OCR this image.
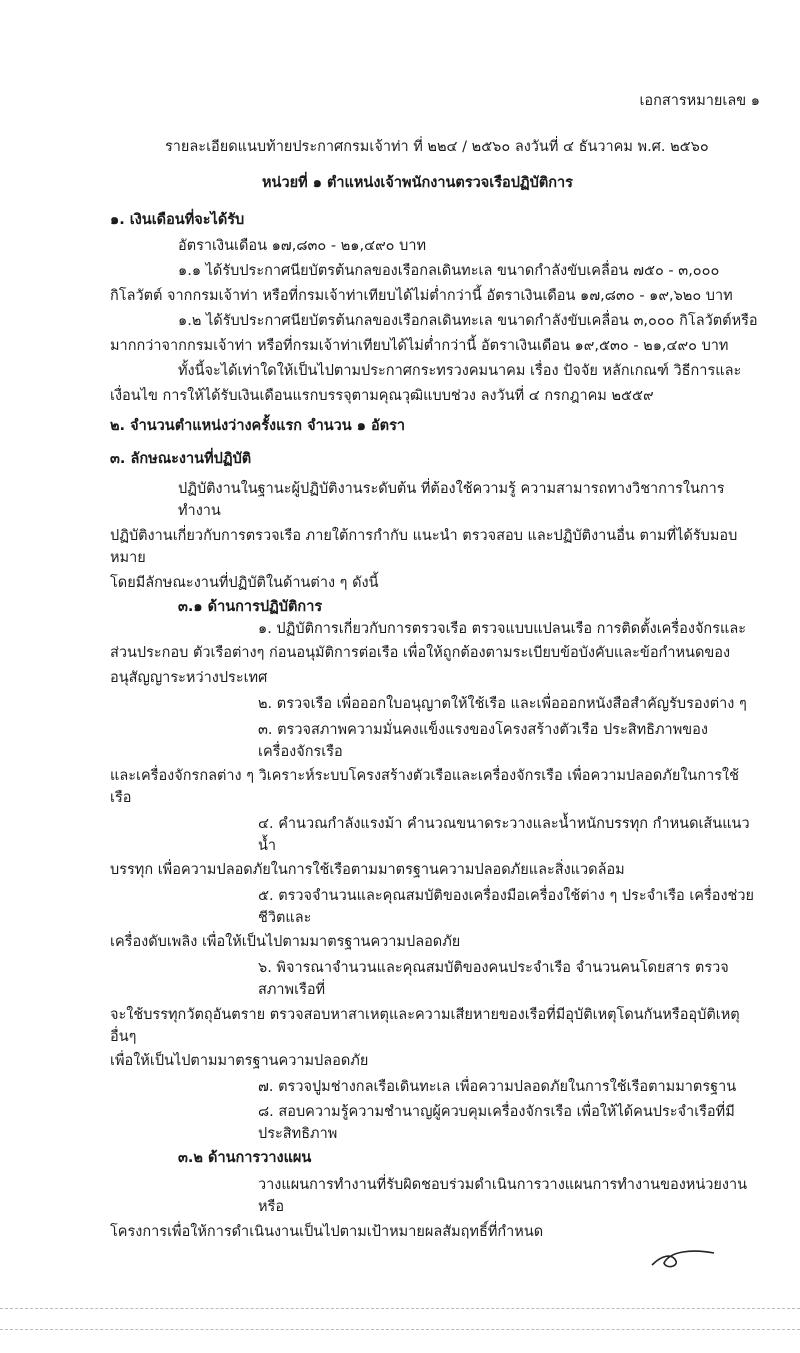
เอกสารหมายเลข ๑
รายละเอียดแนบท้ายประกาศกรมเจ้าท่า ที่ ๒๒๔ / ๒๕๖๐ ลงวันที่ ๔ ธันวาคม พ.ศ. ๒๕๖๐
หน่วยที่ ๑ ตำแหน่งเจ้าพนักงานตรวจเรือปฏิบัติการ
๑. เงินเดือนที่จะได้รับ
อัตราเงินเดือน ๑๗,๘๓๐ - ๒๑,๔๙๐ บาท
๑.๑ ได้รับประกาศนียบัตรต้นกลของเรือกลเดินทะเล ขนาดกำลังขับเคลื่อน ๗๕๐ - ๓,๐๐๐
กิโลวัตต์ จากกรมเจ้าท่า หรือที่กรมเจ้าท่าเทียบได้ไม่ต่ำกว่านี้ อัตราเงินเดือน ๑๗,๘๓๐ - ๑๙,๖๒๐ บาท
๑.๒ ได้รับประกาศนียบัตรต้นกลของเรือกลเดินทะเล ขนาดกำลังขับเคลื่อน ๓,๐๐๐ กิโลวัตต์หรือ
มากกว่าจากกรมเจ้าท่า หรือที่กรมเจ้าท่าเทียบได้ไม่ต่ำกว่านี้ อัตราเงินเดือน ๑๙,๕๓๐ - ๒๑,๔๙๐ บาท
ทั้งนี้จะได้เท่าใดให้เป็นไปตามประกาศกระทรวงคมนาคม เรื่อง ปัจจัย หลักเกณฑ์ วิธีการและ
เงื่อนไข การให้ได้รับเงินเดือนแรกบรรจุตามคุณวุฒิแบบช่วง ลงวันที่ ๔ กรกฎาคม ๒๕๕๙
๒. จำนวนตำแหน่งว่างครั้งแรก จำนวน ๑ อัตรา
๓. ลักษณะงานที่ปฏิบัติ
ปฏิบัติงานในฐานะผู้ปฏิบัติงานระดับต้น ที่ต้องใช้ความรู้ ความสามารถทางวิชาการในการทำงาน
ปฏิบัติงานเกี่ยวกับการตรวจเรือ ภายใต้การกำกับ แนะนำ ตรวจสอบ และปฏิบัติงานอื่น ตามที่ได้รับมอบหมาย
โดยมีลักษณะงานที่ปฏิบัติในด้านต่าง ๆ ดังนี้
๓.๑ ด้านการปฏิบัติการ
๑. ปฏิบัติการเกี่ยวกับการตรวจเรือ ตรวจแบบแปลนเรือ การติดตั้งเครื่องจักรและ
ส่วนประกอบ ตัวเรือต่างๆ ก่อนอนุมัติการต่อเรือ เพื่อให้ถูกต้องตามระเบียบข้อบังคับและข้อกำหนดของ
อนุสัญญาระหว่างประเทศ
๒. ตรวจเรือ เพื่อออกใบอนุญาตให้ใช้เรือ และเพื่อออกหนังสือสำคัญรับรองต่าง ๆ
๓. ตรวจสภาพความมั่นคงแข็งแรงของโครงสร้างตัวเรือ ประสิทธิภาพของเครื่องจักรเรือ
และเครื่องจักรกลต่าง ๆ วิเคราะห์ระบบโครงสร้างตัวเรือและเครื่องจักรเรือ เพื่อความปลอดภัยในการใช้เรือ
๔. คำนวณกำลังแรงม้า คำนวณขนาดระวางและน้ำหนักบรรทุก กำหนดเส้นแนวน้ำ
บรรทุก เพื่อความปลอดภัยในการใช้เรือตามมาตรฐานความปลอดภัยและสิ่งแวดล้อม
๕. ตรวจจำนวนและคุณสมบัติของเครื่องมือเครื่องใช้ต่าง ๆ ประจำเรือ เครื่องช่วยชีวิตและ
เครื่องดับเพลิง เพื่อให้เป็นไปตามมาตรฐานความปลอดภัย
๖. พิจารณาจำนวนและคุณสมบัติของคนประจำเรือ จำนวนคนโดยสาร ตรวจสภาพเรือที่
จะใช้บรรทุกวัตถุอันตราย ตรวจสอบหาสาเหตุและความเสียหายของเรือที่มีอุบัติเหตุโดนกันหรืออุบัติเหตุอื่นๆ
เพื่อให้เป็นไปตามมาตรฐานความปลอดภัย
๗. ตรวจปูมช่างกลเรือเดินทะเล เพื่อความปลอดภัยในการใช้เรือตามมาตรฐาน
๘. สอบความรู้ความชำนาญผู้ควบคุมเครื่องจักรเรือ เพื่อให้ได้คนประจำเรือที่มีประสิทธิภาพ
๓.๒ ด้านการวางแผน
วางแผนการทำงานที่รับผิดชอบร่วมดำเนินการวางแผนการทำงานของหน่วยงานหรือ
โครงการเพื่อให้การดำเนินงานเป็นไปตามเป้าหมายผลสัมฤทธิ์ที่กำหนด
